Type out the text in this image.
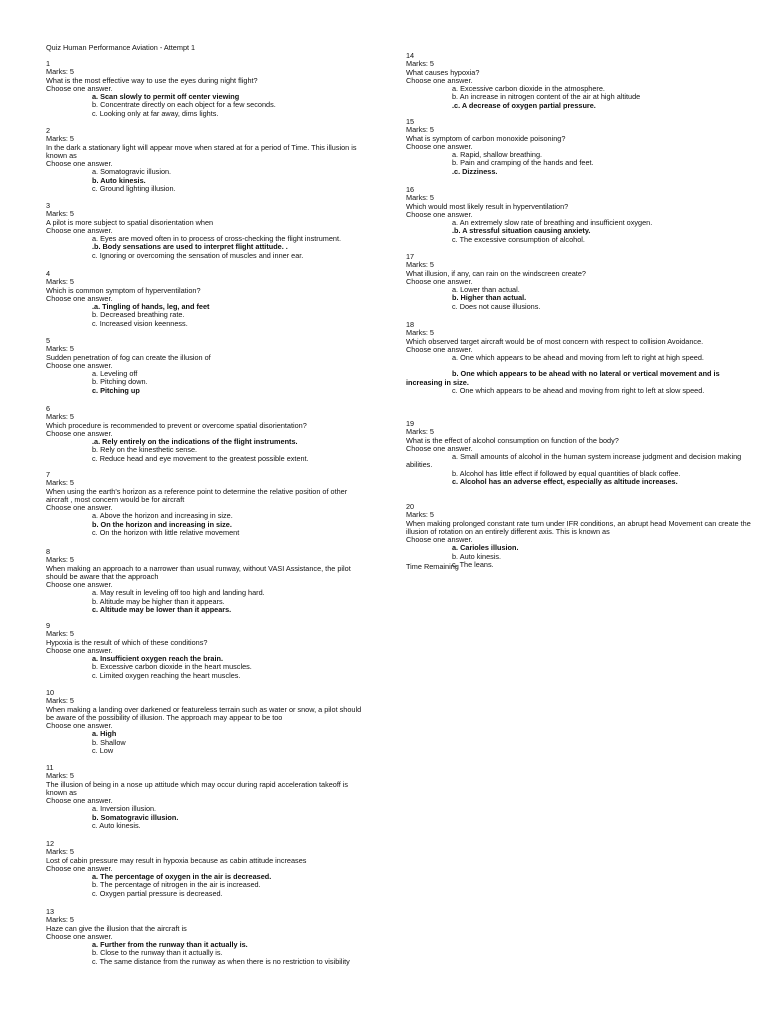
Quiz Human Performance Aviation - Attempt 1
1
Marks: 5
What is the most effective way to use the eyes during night flight?
Choose one answer.
a. Scan slowly to permit off center viewing
b. Concentrate directly on each object for a few seconds.
c. Looking only at far away, dims lights.
2
Marks: 5
In the dark a stationary light will appear move when stared at for a period of Time. This illusion is known as
Choose one answer.
a. Somatogravic illusion.
b. Auto kinesis.
c. Ground lighting illusion.
3
Marks: 5
A pilot is more subject to spatial disorientation when
Choose one answer.
a. Eyes are moved often in to process of cross-checking the flight instrument.
.b. Body sensations are used to interpret flight attitude. .
c. Ignoring or overcoming the sensation of muscles and inner ear.
4
Marks: 5
Which is common symptom of hyperventilation?
Choose one answer.
.a. Tingling of hands, leg, and feet
b. Decreased breathing rate.
c. Increased vision keenness.
5
Marks: 5
Sudden penetration of fog can create the illusion of
Choose one answer.
a. Leveling off
b. Pitching down.
c. Pitching up
6
Marks: 5
Which procedure is recommended to prevent or overcome spatial disorientation?
Choose one answer.
.a. Rely entirely on the indications of the flight instruments.
b. Rely on the kinesthetic sense.
c. Reduce head and eye movement to the greatest possible extent.
7
Marks: 5
When using the earth's horizon as a reference point to determine the relative position of other aircraft , most concern would be for aircraft
Choose one answer.
a. Above the horizon and increasing in size.
b. On the horizon and increasing in size.
c. On the horizon with little relative movement
8
Marks: 5
When making an approach to a narrower than usual runway, without VASI Assistance, the pilot should be aware that the approach
Choose one answer.
a. May result in leveling off too high and landing hard.
b. Altitude may be higher than it appears.
c. Altitude may be lower than it appears.
9
Marks: 5
Hypoxia is the result of which of these conditions?
Choose one answer.
a. Insufficient oxygen reach the brain.
b. Excessive carbon dioxide in the heart muscles.
c. Limited oxygen reaching the heart muscles.
10
Marks: 5
When making a landing over darkened or featureless terrain such as water or snow, a pilot should be aware of the possibility of illusion. The approach may appear to be too
Choose one answer.
a. High
b. Shallow
c. Low
11
Marks: 5
The illusion of being in a nose up attitude which may occur during rapid acceleration takeoff is known as
Choose one answer.
a. Inversion illusion.
b. Somatogravic illusion.
c. Auto kinesis.
12
Marks: 5
Lost of cabin pressure may result in hypoxia because as cabin attitude increases
Choose one answer.
a. The percentage of oxygen in the air is decreased.
b. The percentage of nitrogen in the air is increased.
c. Oxygen partial pressure is decreased.
13
Marks: 5
Haze can give the illusion that the aircraft is
Choose one answer.
a. Further from the runway than it actually is.
b. Close to the runway than it actually is.
c. The same distance from the runway as when there is no restriction to visibility
Time Remaining
14
Marks: 5
What causes hypoxia?
Choose one answer.
a. Excessive carbon dioxide in the atmosphere.
b. An increase in nitrogen content of the air at high altitude
.c. A decrease of oxygen partial pressure.
15
Marks: 5
What is symptom of carbon monoxide poisoning?
Choose one answer.
a. Rapid, shallow breathing.
b. Pain and cramping of the hands and feet.
.c. Dizziness.
16
Marks: 5
Which would most likely result in hyperventilation?
Choose one answer.
a. An extremely slow rate of breathing and insufficient oxygen.
.b. A stressful situation causing anxiety.
c. The excessive consumption of alcohol.
17
Marks: 5
What illusion, if any, can rain on the windscreen create?
Choose one answer.
a. Lower than actual.
b. Higher than actual.
c. Does not cause illusions.
18
Marks: 5
Which observed target aircraft would be of most concern with respect to collision Avoidance.
Choose one answer.
a. One which appears to be ahead and moving from left to right at high speed.
b. One which appears to be ahead with no lateral or vertical movement and is increasing in size.
c. One which appears to be ahead and moving from right to left at slow speed.
19
Marks: 5
What is the effect of alcohol consumption on function of the body?
Choose one answer.
a. Small amounts of alcohol in the human system increase judgment and decision making abilities.
b. Alcohol has little effect if followed by equal quantities of black coffee.
c. Alcohol has an adverse effect, especially as altitude increases.
20
Marks: 5
When making prolonged constant rate turn under IFR conditions, an abrupt head Movement can create the illusion of rotation on an entirely different axis. This is known as
Choose one answer.
a. Carioles illusion.
b. Auto kinesis.
c. The leans.
